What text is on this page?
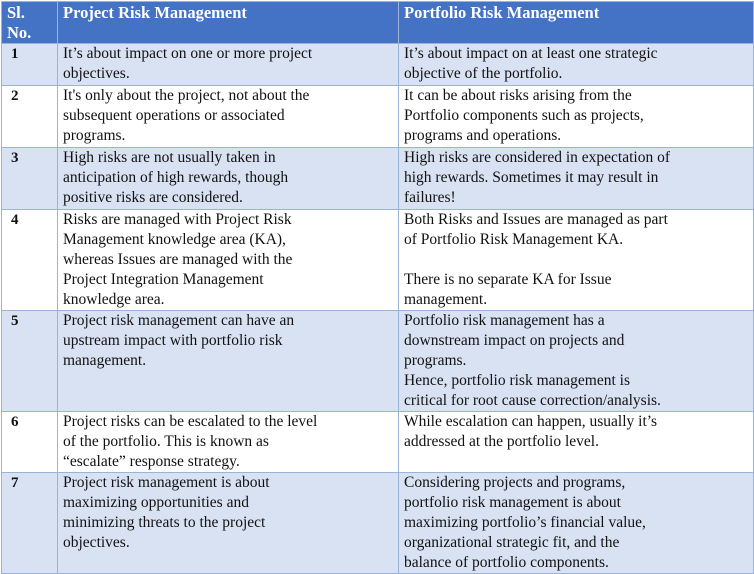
Sl.
No.	Project Risk Management	Portfolio Risk Management

1	It’s about impact on one or more project
objectives.	It’s about impact on at least one strategic
objective of the portfolio.

2	It's only about the project, not about the
subsequent operations or associated
programs.	It can be about risks arising from the
Portfolio components such as projects,
programs and operations.

3	High risks are not usually taken in
anticipation of high rewards, though
positive risks are considered.	High risks are considered in expectation of
high rewards. Sometimes it may result in
failures!

4	Risks are managed with Project Risk
Management knowledge area (KA),
whereas Issues are managed with the
Project Integration Management
knowledge area.	Both Risks and Issues are managed as part
of Portfolio Risk Management KA.

There is no separate KA for Issue
management.

5	Project risk management can have an
upstream impact with portfolio risk
management.	Portfolio risk management has a
downstream impact on projects and
programs.
Hence, portfolio risk management is
critical for root cause correction/analysis.

6	Project risks can be escalated to the level
of the portfolio. This is known as
“escalate” response strategy.	While escalation can happen, usually it’s
addressed at the portfolio level.

7	Project risk management is about
maximizing opportunities and
minimizing threats to the project
objectives.	Considering projects and programs,
portfolio risk management is about
maximizing portfolio’s financial value,
organizational strategic fit, and the
balance of portfolio components.
